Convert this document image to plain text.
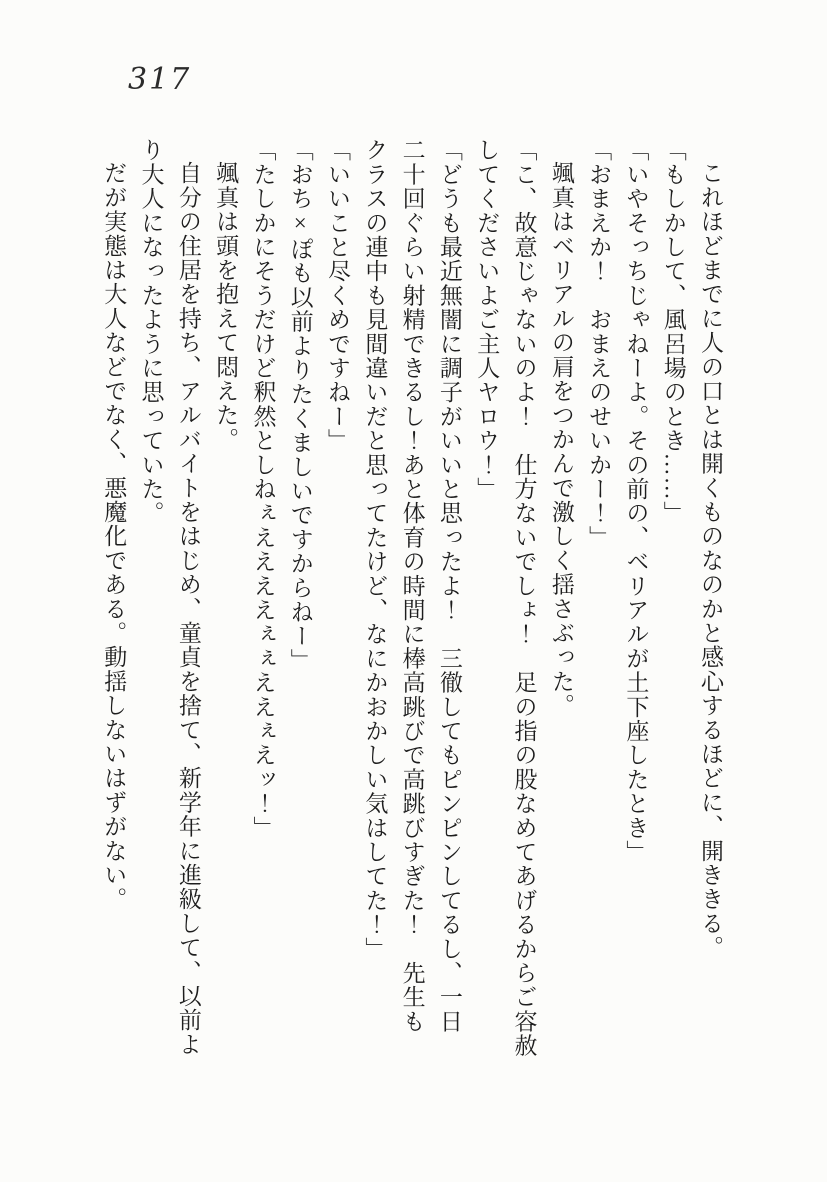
317

これほどまでに人の口とは開くものなのかと感心するほどに、開ききる。

「もしかして、風呂場のとき……」

「いやそっちじゃねーよ。その前の、ベリアルが土下座したとき」

「おまえか！　おまえのせいかー！」

颯真はベリアルの肩をつかんで激しく揺さぶった。

「こ、故意じゃないのよ！　仕方ないでしょ！　足の指の股なめてあげるからご容赦

してくださいよご主人ヤロウ！」

「どうも最近無闇に調子がいいと思ったよ！　三徹してもピンピンしてるし、一日

二十回ぐらい射精できるし！あと体育の時間に棒高跳びで高跳びすぎた！　先生も

クラスの連中も見間違いだと思ってたけど、なにかおかしい気はしてた！」

「いいこと尽くめですねー」

「おち×ぽも以前よりたくましいですからねー」

「たしかにそうだけど釈然としねぇええええぇぇええぇえッ！」

颯真は頭を抱えて悶えた。

自分の住居を持ち、アルバイトをはじめ、童貞を捨て、新学年に進級して、以前よ

り大人になったように思っていた。

だが実態は大人などでなく、悪魔化である。動揺しないはずがない。
